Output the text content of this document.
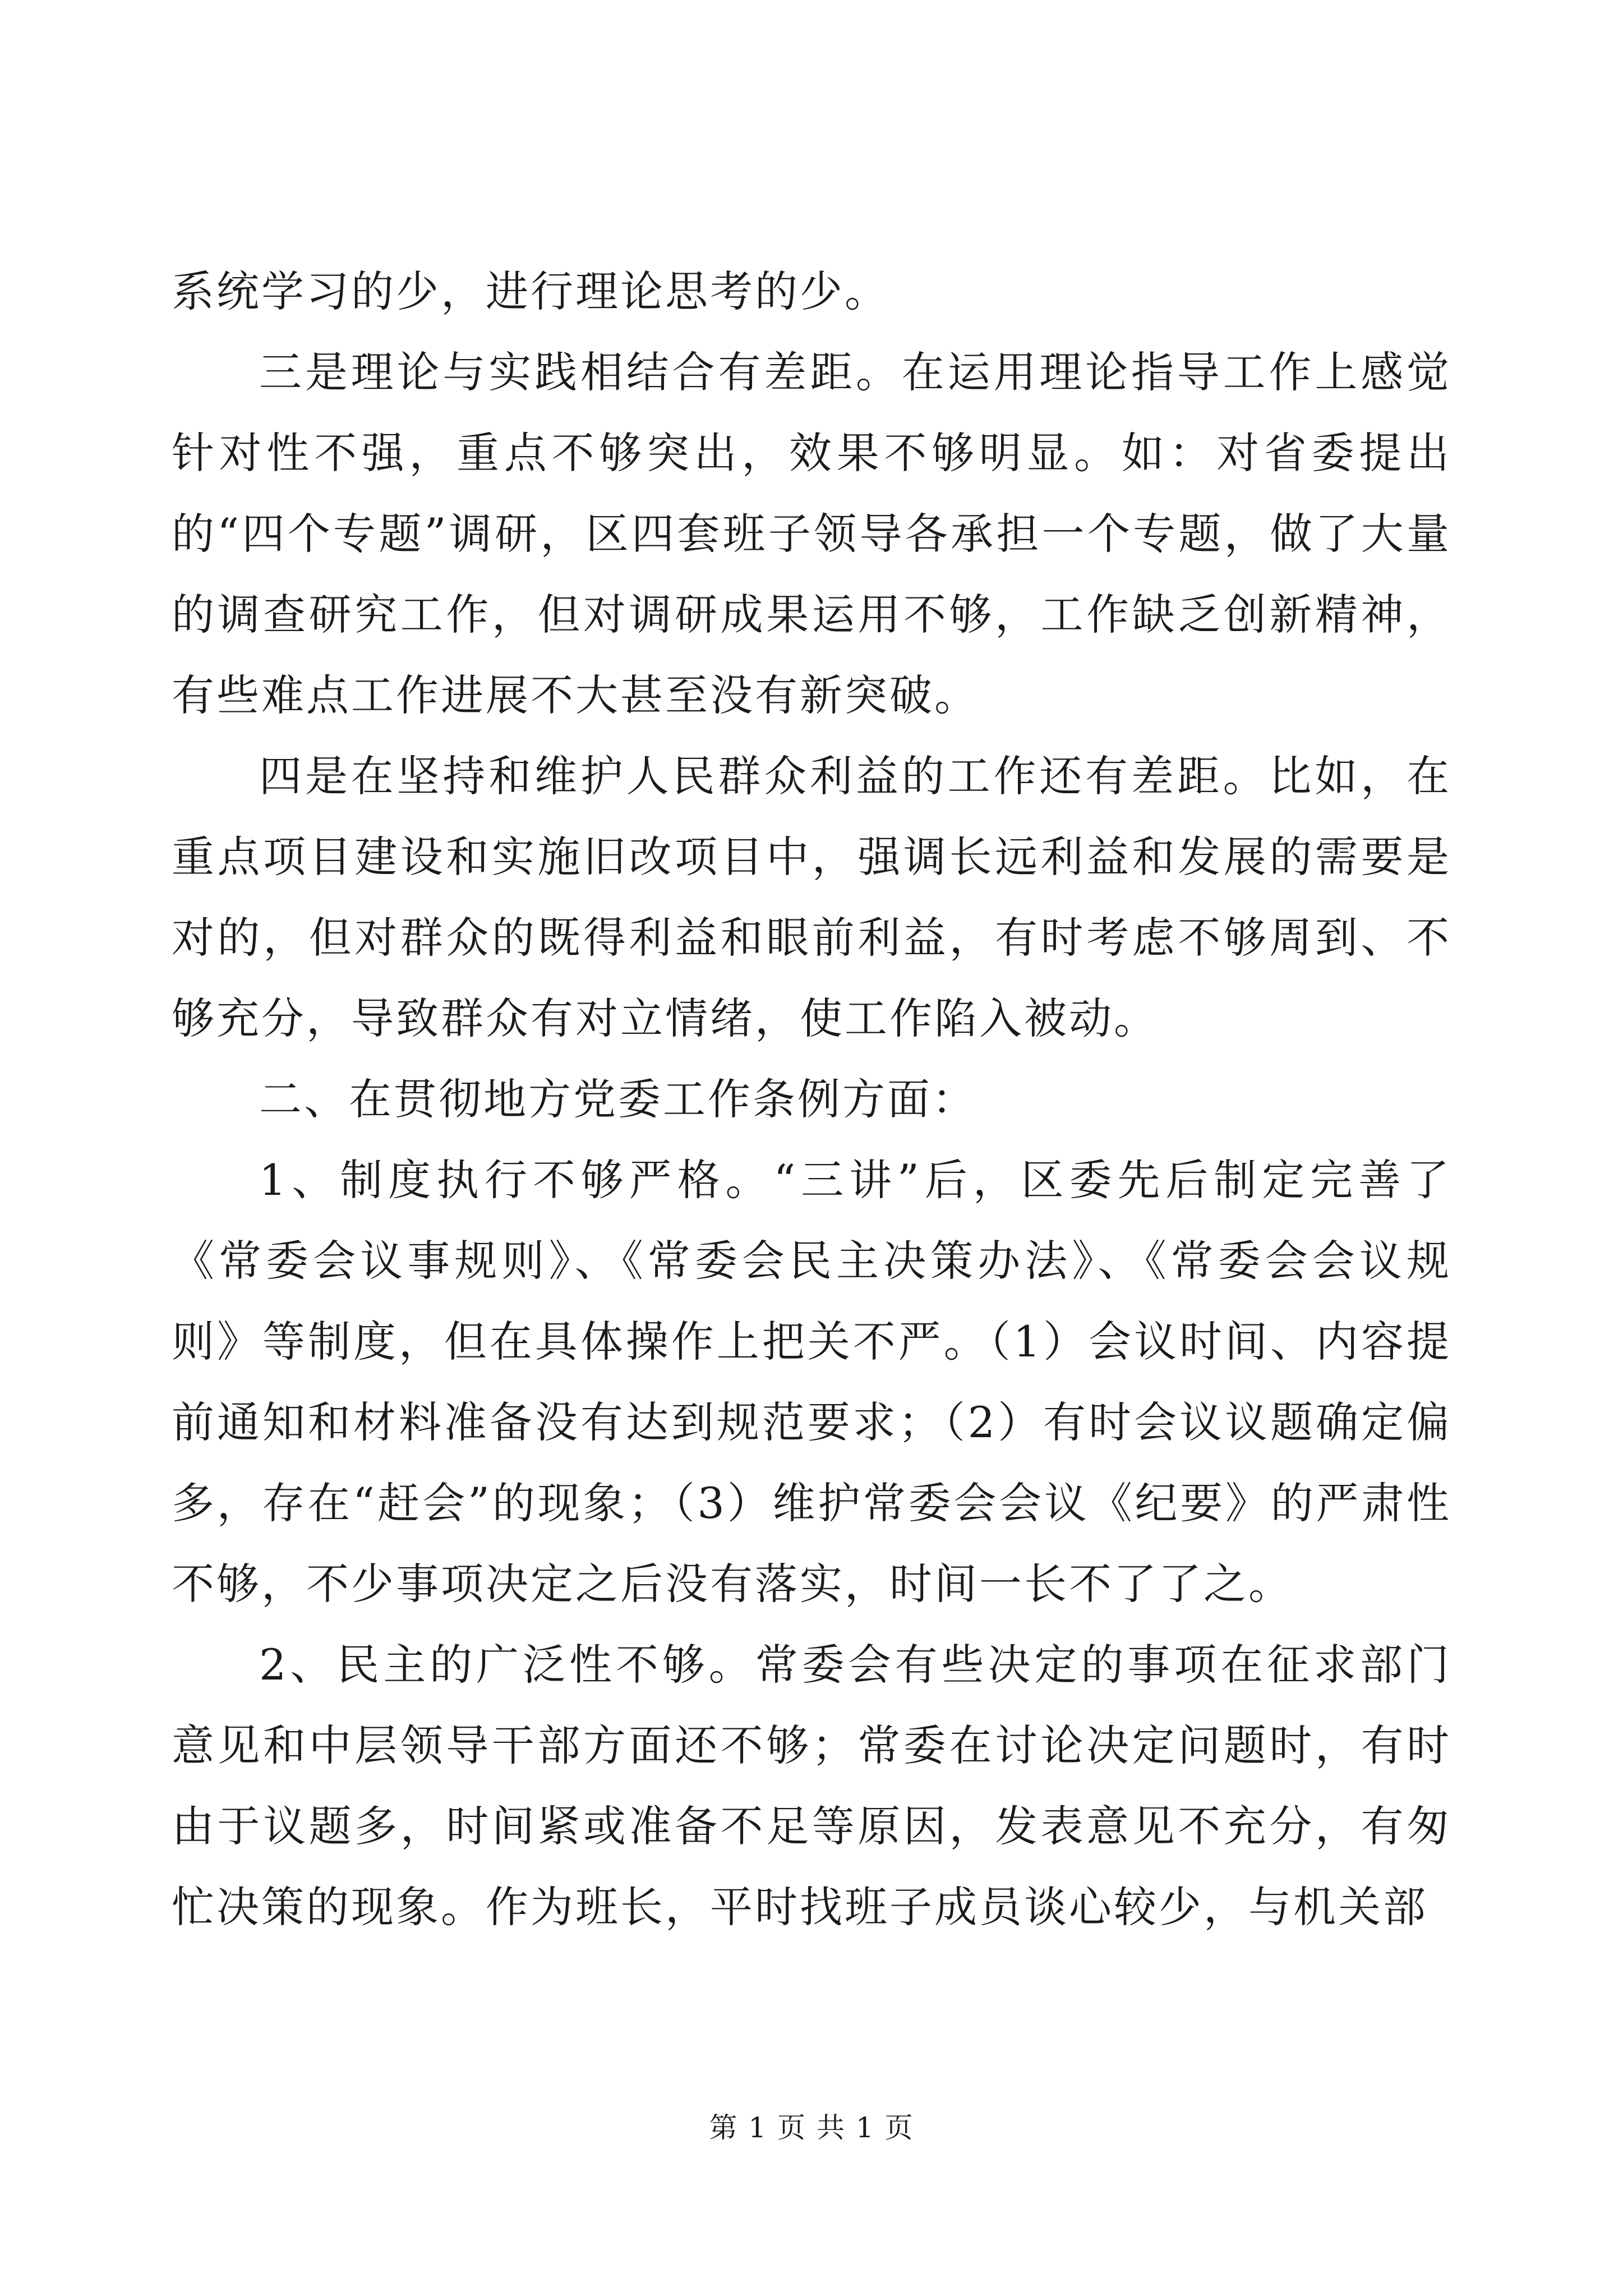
系统学习的少，进行理论思考的少。

三是理论与实践相结合有差距。在运用理论指导工作上感觉针对性不强，重点不够突出，效果不够明显。如：对省委提出的“四个专题”调研，区四套班子领导各承担一个专题，做了大量的调查研究工作，但对调研成果运用不够，工作缺乏创新精神，有些难点工作进展不大甚至没有新突破。

四是在坚持和维护人民群众利益的工作还有差距。比如，在重点项目建设和实施旧改项目中，强调长远利益和发展的需要是对的，但对群众的既得利益和眼前利益，有时考虑不够周到、不够充分，导致群众有对立情绪，使工作陷入被动。

二、在贯彻地方党委工作条例方面：

1、制度执行不够严格。“三讲”后，区委先后制定完善了《常委会议事规则》、《常委会民主决策办法》、《常委会会议规则》等制度，但在具体操作上把关不严。（1）会议时间、内容提前通知和材料准备没有达到规范要求；（2）有时会议议题确定偏多，存在“赶会”的现象；（3）维护常委会会议《纪要》的严肃性不够，不少事项决定之后没有落实，时间一长不了了之。

2、民主的广泛性不够。常委会有些决定的事项在征求部门意见和中层领导干部方面还不够；常委在讨论决定问题时，有时由于议题多，时间紧或准备不足等原因，发表意见不充分，有匆忙决策的现象。作为班长，平时找班子成员谈心较少，与机关部

第 1 页 共 1 页
